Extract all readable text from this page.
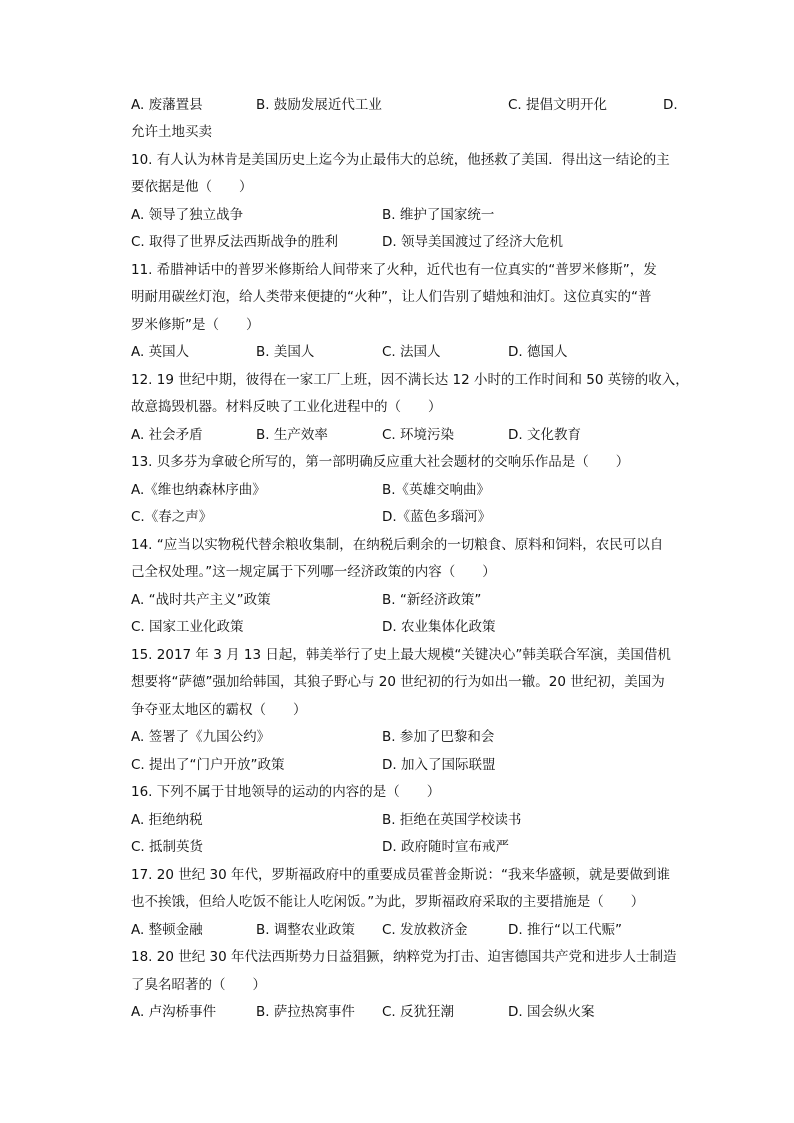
A. 废藩置县	B. 鼓励发展近代工业	C. 提倡文明开化	D.
允许土地买卖
10. 有人认为林肯是美国历史上迄今为止最伟大的总统，他拯救了美国．得出这一结论的主
要依据是他（　　）
A. 领导了独立战争	B. 维护了国家统一
C. 取得了世界反法西斯战争的胜利	D. 领导美国渡过了经济大危机
11. 希腊神话中的普罗米修斯给人间带来了火种，近代也有一位真实的“普罗米修斯”，发
明耐用碳丝灯泡，给人类带来便捷的“火种”，让人们告别了蜡烛和油灯。这位真实的“普
罗米修斯”是（　　）
A. 英国人	B. 美国人	C. 法国人	D. 德国人
12. 19 世纪中期，彼得在一家工厂上班，因不满长达 12 小时的工作时间和 50 英镑的收入，
故意捣毁机器。材料反映了工业化进程中的（　　）
A. 社会矛盾	B. 生产效率	C. 环境污染	D. 文化教育
13. 贝多芬为拿破仑所写的，第一部明确反应重大社会题材的交响乐作品是（　　）
A.《维也纳森林序曲》	B.《英雄交响曲》
C.《春之声》	D.《蓝色多瑙河》
14. “应当以实物税代替余粮收集制，在纳税后剩余的一切粮食、原料和饲料，农民可以自
己全权处理。”这一规定属于下列哪一经济政策的内容（　　）
A. “战时共产主义”政策	B. “新经济政策”
C. 国家工业化政策	D. 农业集体化政策
15. 2017 年 3 月 13 日起，韩美举行了史上最大规模“关键决心”韩美联合军演，美国借机
想要将“萨德”强加给韩国，其狼子野心与 20 世纪初的行为如出一辙。20 世纪初，美国为
争夺亚太地区的霸权（　　）
A. 签署了《九国公约》	B. 参加了巴黎和会
C. 提出了“门户开放”政策	D. 加入了国际联盟
16. 下列不属于甘地领导的运动的内容的是（　　）
A. 拒绝纳税	B. 拒绝在英国学校读书
C. 抵制英货	D. 政府随时宣布戒严
17. 20 世纪 30 年代，罗斯福政府中的重要成员霍普金斯说：“我来华盛顿，就是要做到谁
也不挨饿，但给人吃饭不能让人吃闲饭。”为此，罗斯福政府采取的主要措施是（　　）
A. 整顿金融	B. 调整农业政策 C. 发放救济金	D. 推行“以工代赈”
18. 20 世纪 30 年代法西斯势力日益猖獗，纳粹党为打击、迫害德国共产党和进步人士制造
了臭名昭著的（　　）
A. 卢沟桥事件	B. 萨拉热窝事件 C. 反犹狂潮	D. 国会纵火案
